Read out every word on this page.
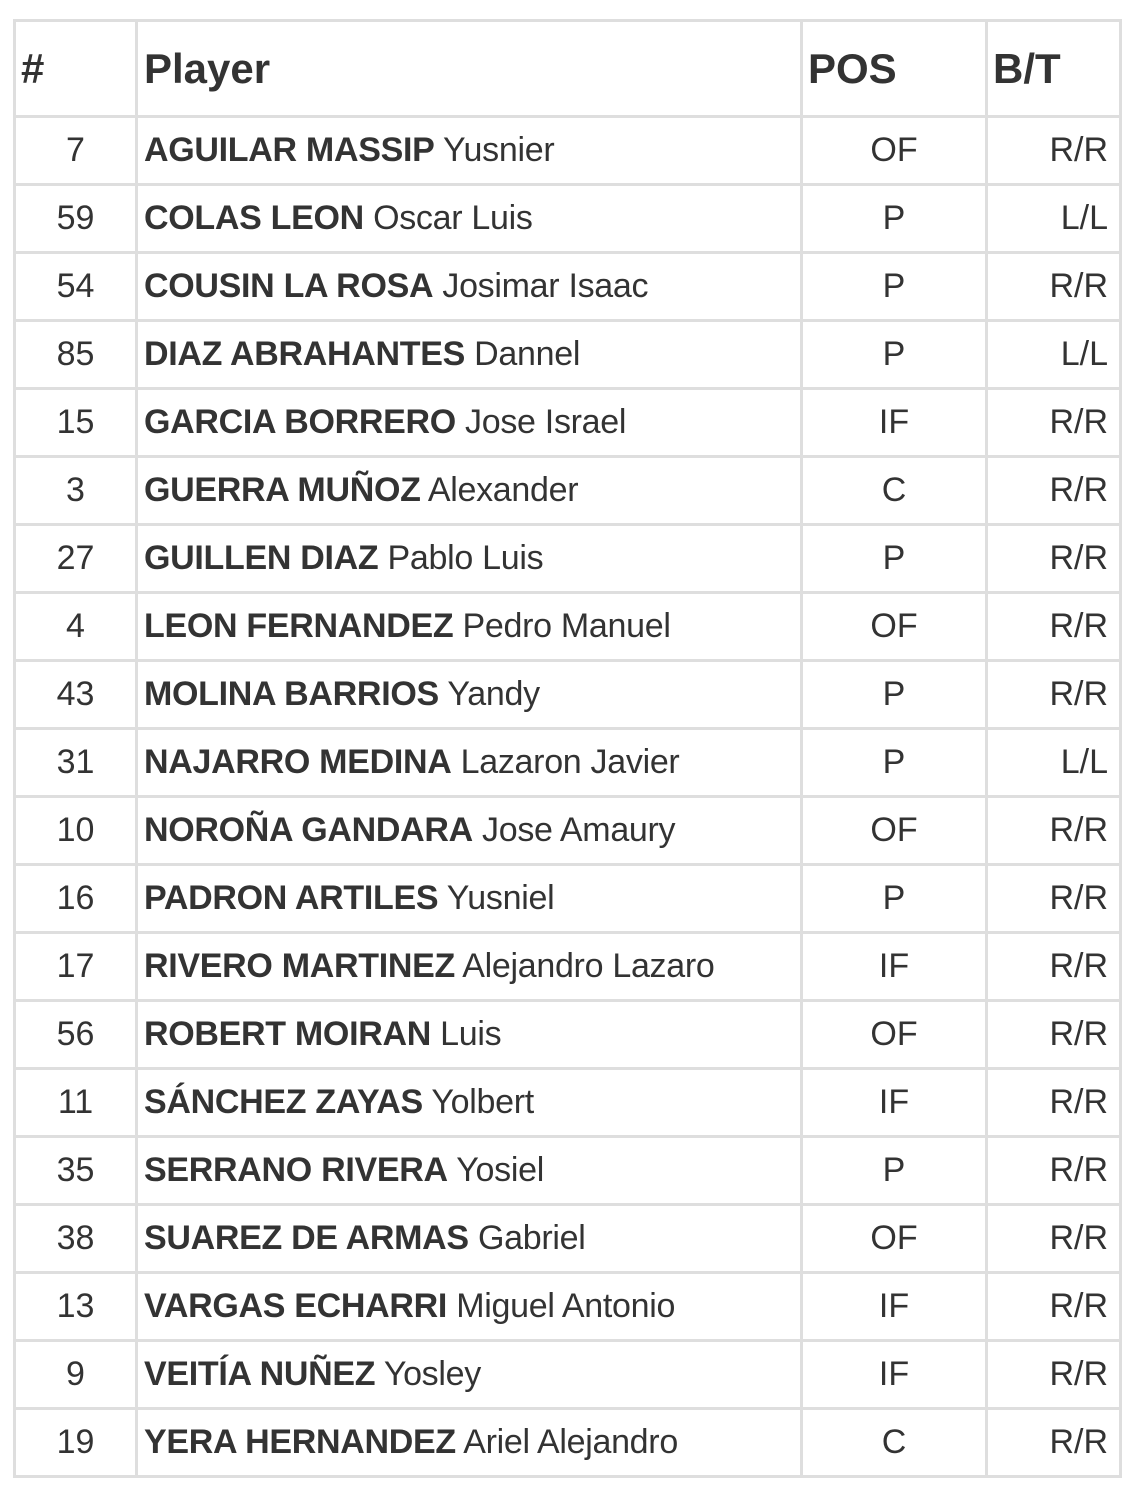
#	Player	POS	B/T
7	AGUILAR MASSIP Yusnier	OF	R/R
59	COLAS LEON Oscar Luis	P	L/L
54	COUSIN LA ROSA Josimar Isaac	P	R/R
85	DIAZ ABRAHANTES Dannel	P	L/L
15	GARCIA BORRERO Jose Israel	IF	R/R
3	GUERRA MUÑOZ Alexander	C	R/R
27	GUILLEN DIAZ Pablo Luis	P	R/R
4	LEON FERNANDEZ Pedro Manuel	OF	R/R
43	MOLINA BARRIOS Yandy	P	R/R
31	NAJARRO MEDINA Lazaron Javier	P	L/L
10	NOROÑA GANDARA Jose Amaury	OF	R/R
16	PADRON ARTILES Yusniel	P	R/R
17	RIVERO MARTINEZ Alejandro Lazaro	IF	R/R
56	ROBERT MOIRAN Luis	OF	R/R
11	SÁNCHEZ ZAYAS Yolbert	IF	R/R
35	SERRANO RIVERA Yosiel	P	R/R
38	SUAREZ DE ARMAS Gabriel	OF	R/R
13	VARGAS ECHARRI Miguel Antonio	IF	R/R
9	VEITÍA NUÑEZ Yosley	IF	R/R
19	YERA HERNANDEZ Ariel Alejandro	C	R/R
